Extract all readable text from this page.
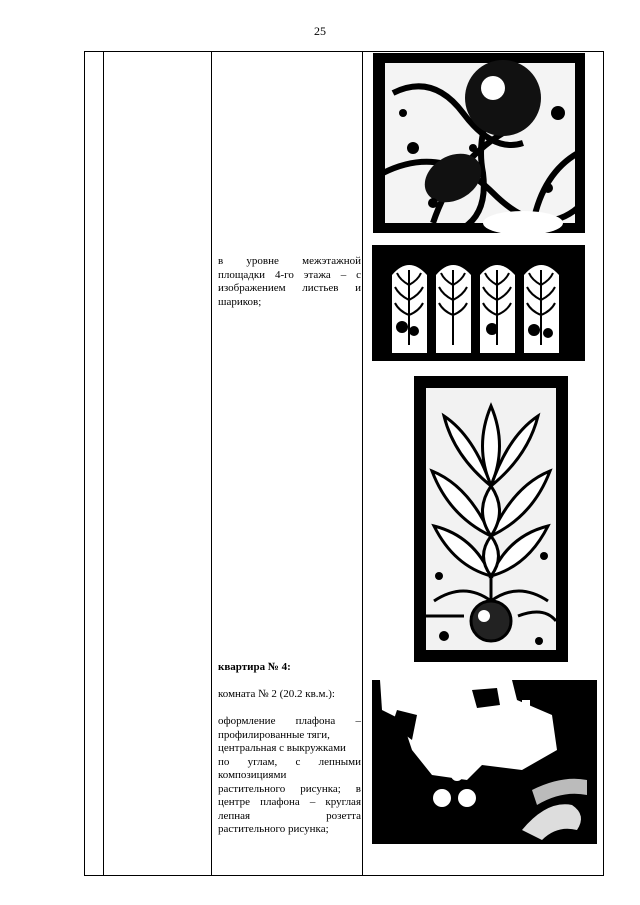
25

в уровне межэтажной

площадки 4-го этажа – с

изображением листьев и

шариков;

квартира № 4:
комната № 2 (20.2 кв.м.):

оформление плафона –

профилированные тяги,

центральная с выкружками

по углам, с лепными

композициями

растительного рисунка; в

центре плафона – круглая

лепная розетта

растительного рисунка;
